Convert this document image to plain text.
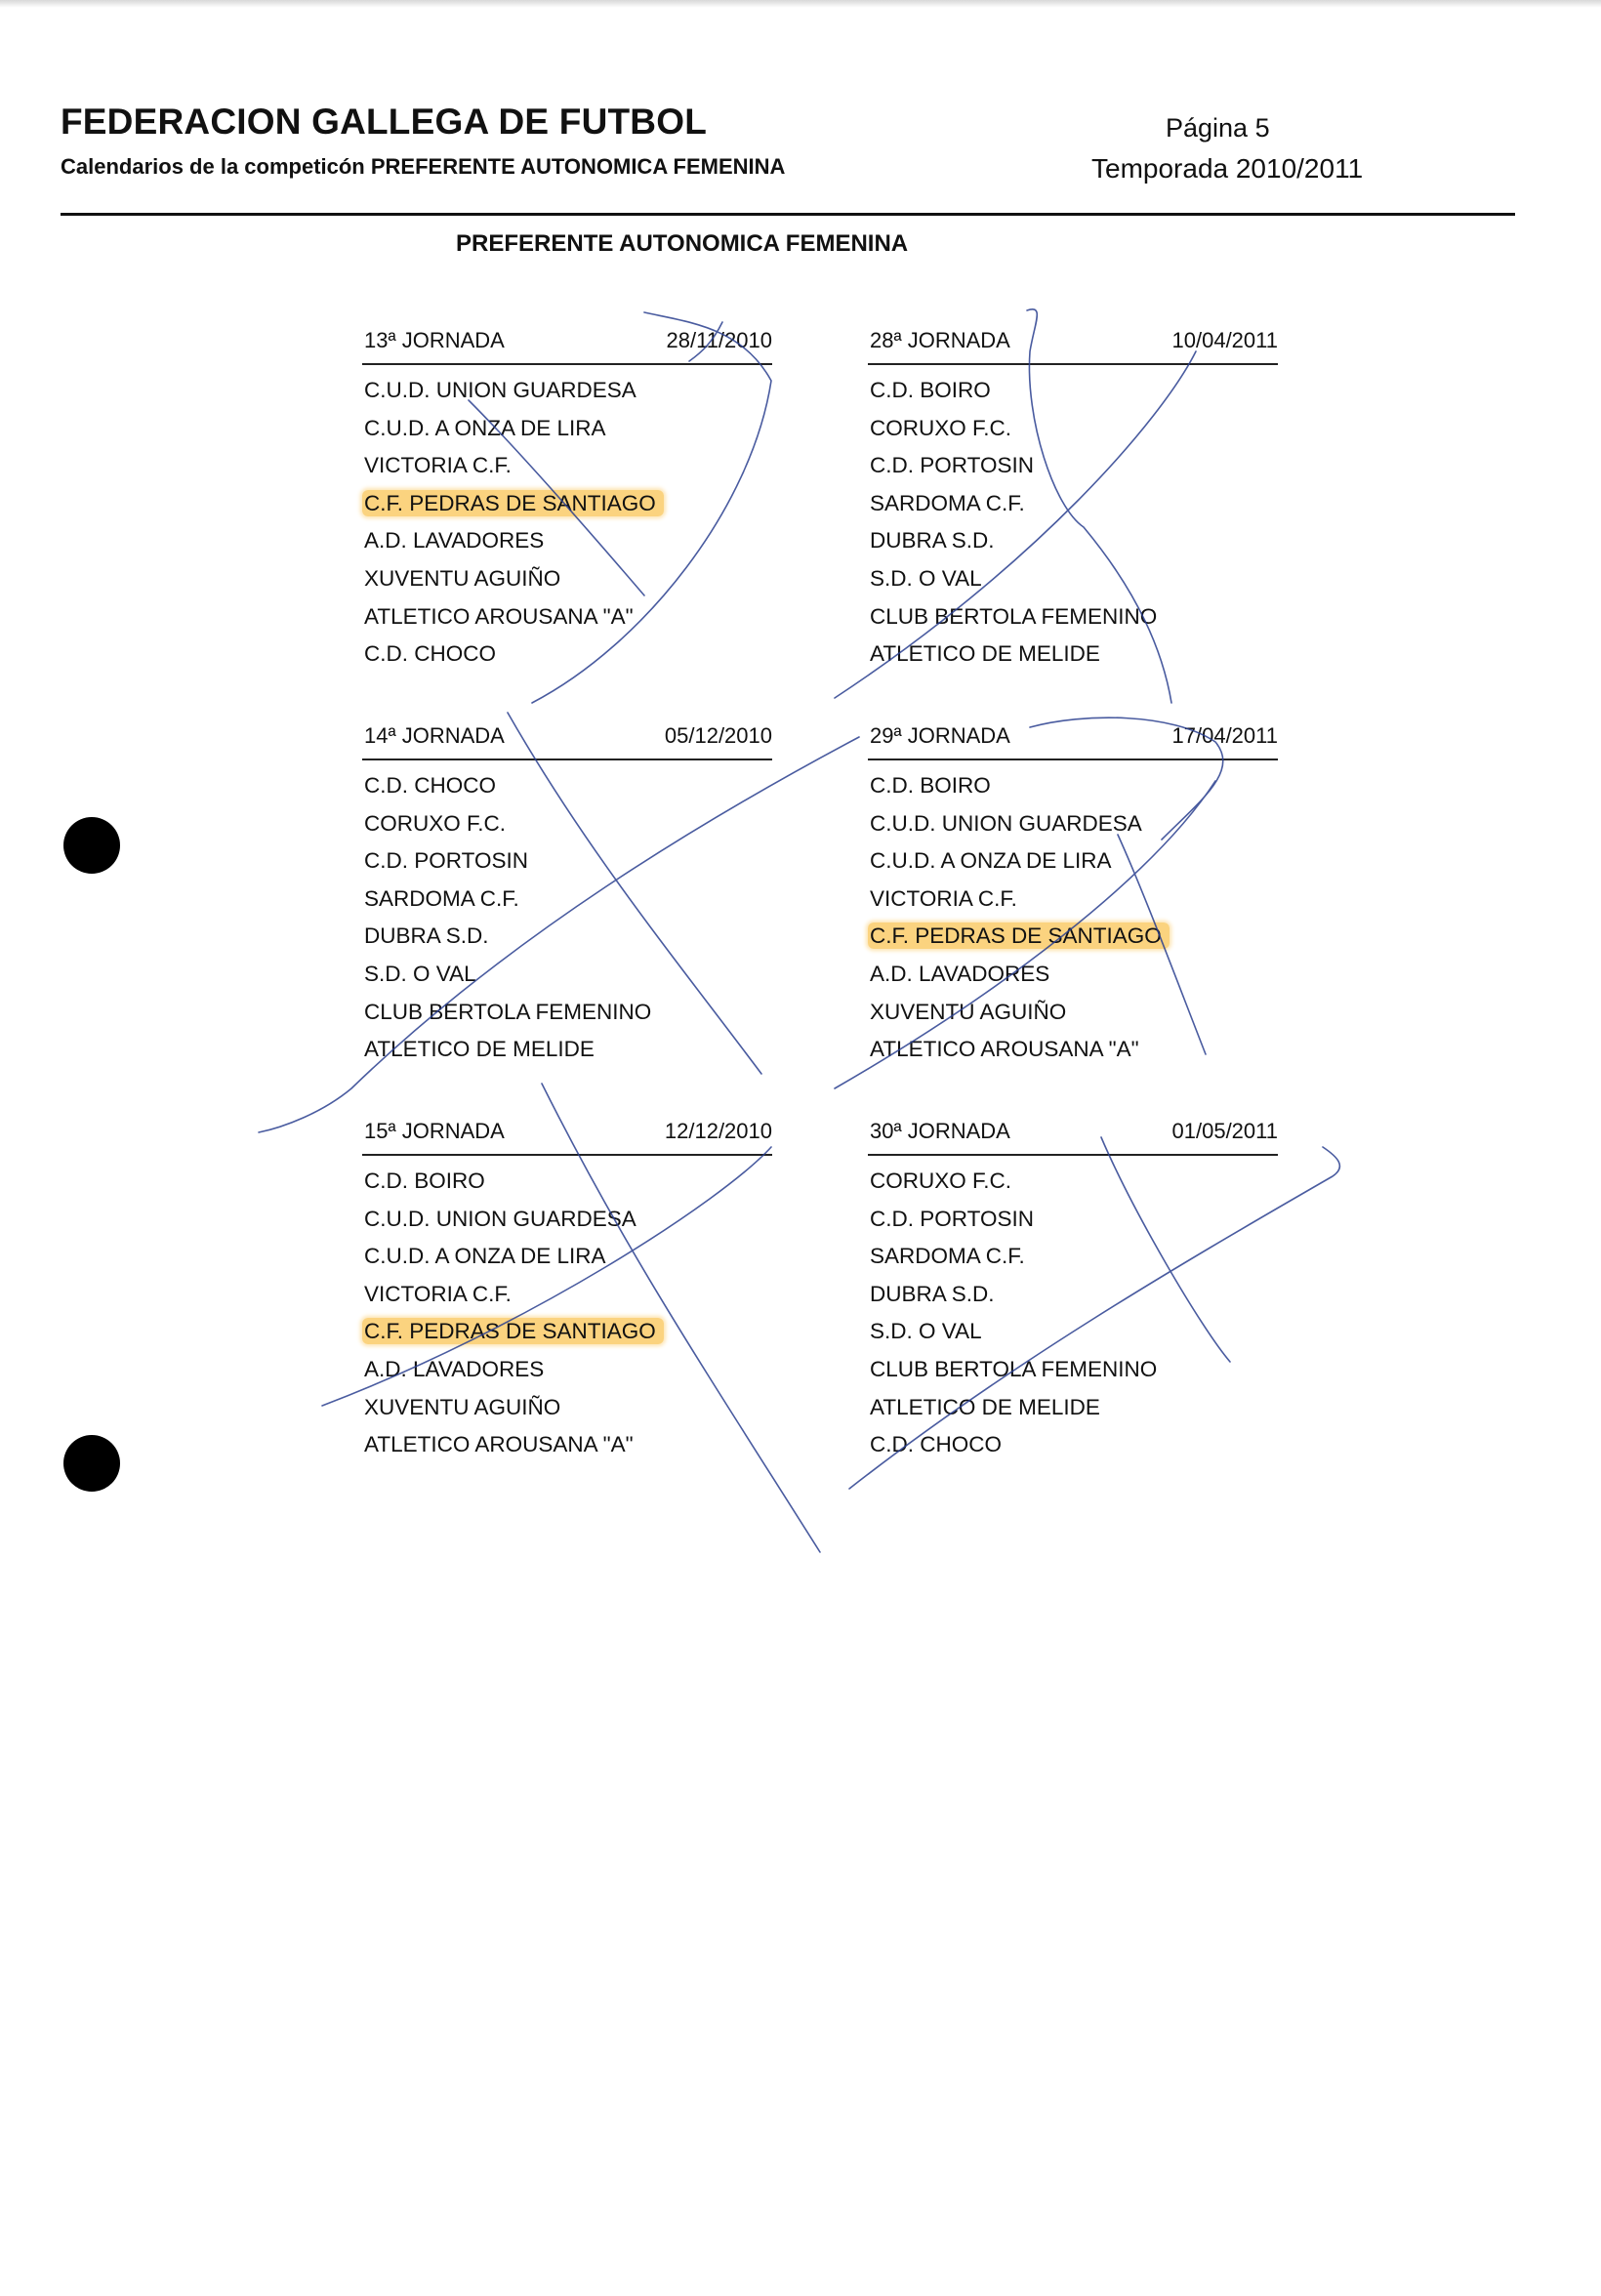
FEDERACION GALLEGA DE FUTBOL
Calendarios de la competicón PREFERENTE AUTONOMICA FEMENINA
Página 5
Temporada 2010/2011
PREFERENTE AUTONOMICA FEMENINA
13ª JORNADA	28/11/2010
C.U.D. UNION GUARDESA
C.U.D. A ONZA DE LIRA
VICTORIA C.F.
C.F. PEDRAS DE SANTIAGO
A.D. LAVADORES
XUVENTU AGUIÑO
ATLETICO AROUSANA "A"
C.D. CHOCO
28ª JORNADA	10/04/2011
C.D. BOIRO
CORUXO F.C.
C.D. PORTOSIN
SARDOMA C.F.
DUBRA S.D.
S.D. O VAL
CLUB BERTOLA FEMENINO
ATLETICO DE MELIDE
14ª JORNADA	05/12/2010
C.D. CHOCO
CORUXO F.C.
C.D. PORTOSIN
SARDOMA C.F.
DUBRA S.D.
S.D. O VAL
CLUB BERTOLA FEMENINO
ATLETICO DE MELIDE
29ª JORNADA	17/04/2011
C.D. BOIRO
C.U.D. UNION GUARDESA
C.U.D. A ONZA DE LIRA
VICTORIA C.F.
C.F. PEDRAS DE SANTIAGO
A.D. LAVADORES
XUVENTU AGUIÑO
ATLETICO AROUSANA "A"
15ª JORNADA	12/12/2010
C.D. BOIRO
C.U.D. UNION GUARDESA
C.U.D. A ONZA DE LIRA
VICTORIA C.F.
C.F. PEDRAS DE SANTIAGO
A.D. LAVADORES
XUVENTU AGUIÑO
ATLETICO AROUSANA "A"
30ª JORNADA	01/05/2011
CORUXO F.C.
C.D. PORTOSIN
SARDOMA C.F.
DUBRA S.D.
S.D. O VAL
CLUB BERTOLA FEMENINO
ATLETICO DE MELIDE
C.D. CHOCO
